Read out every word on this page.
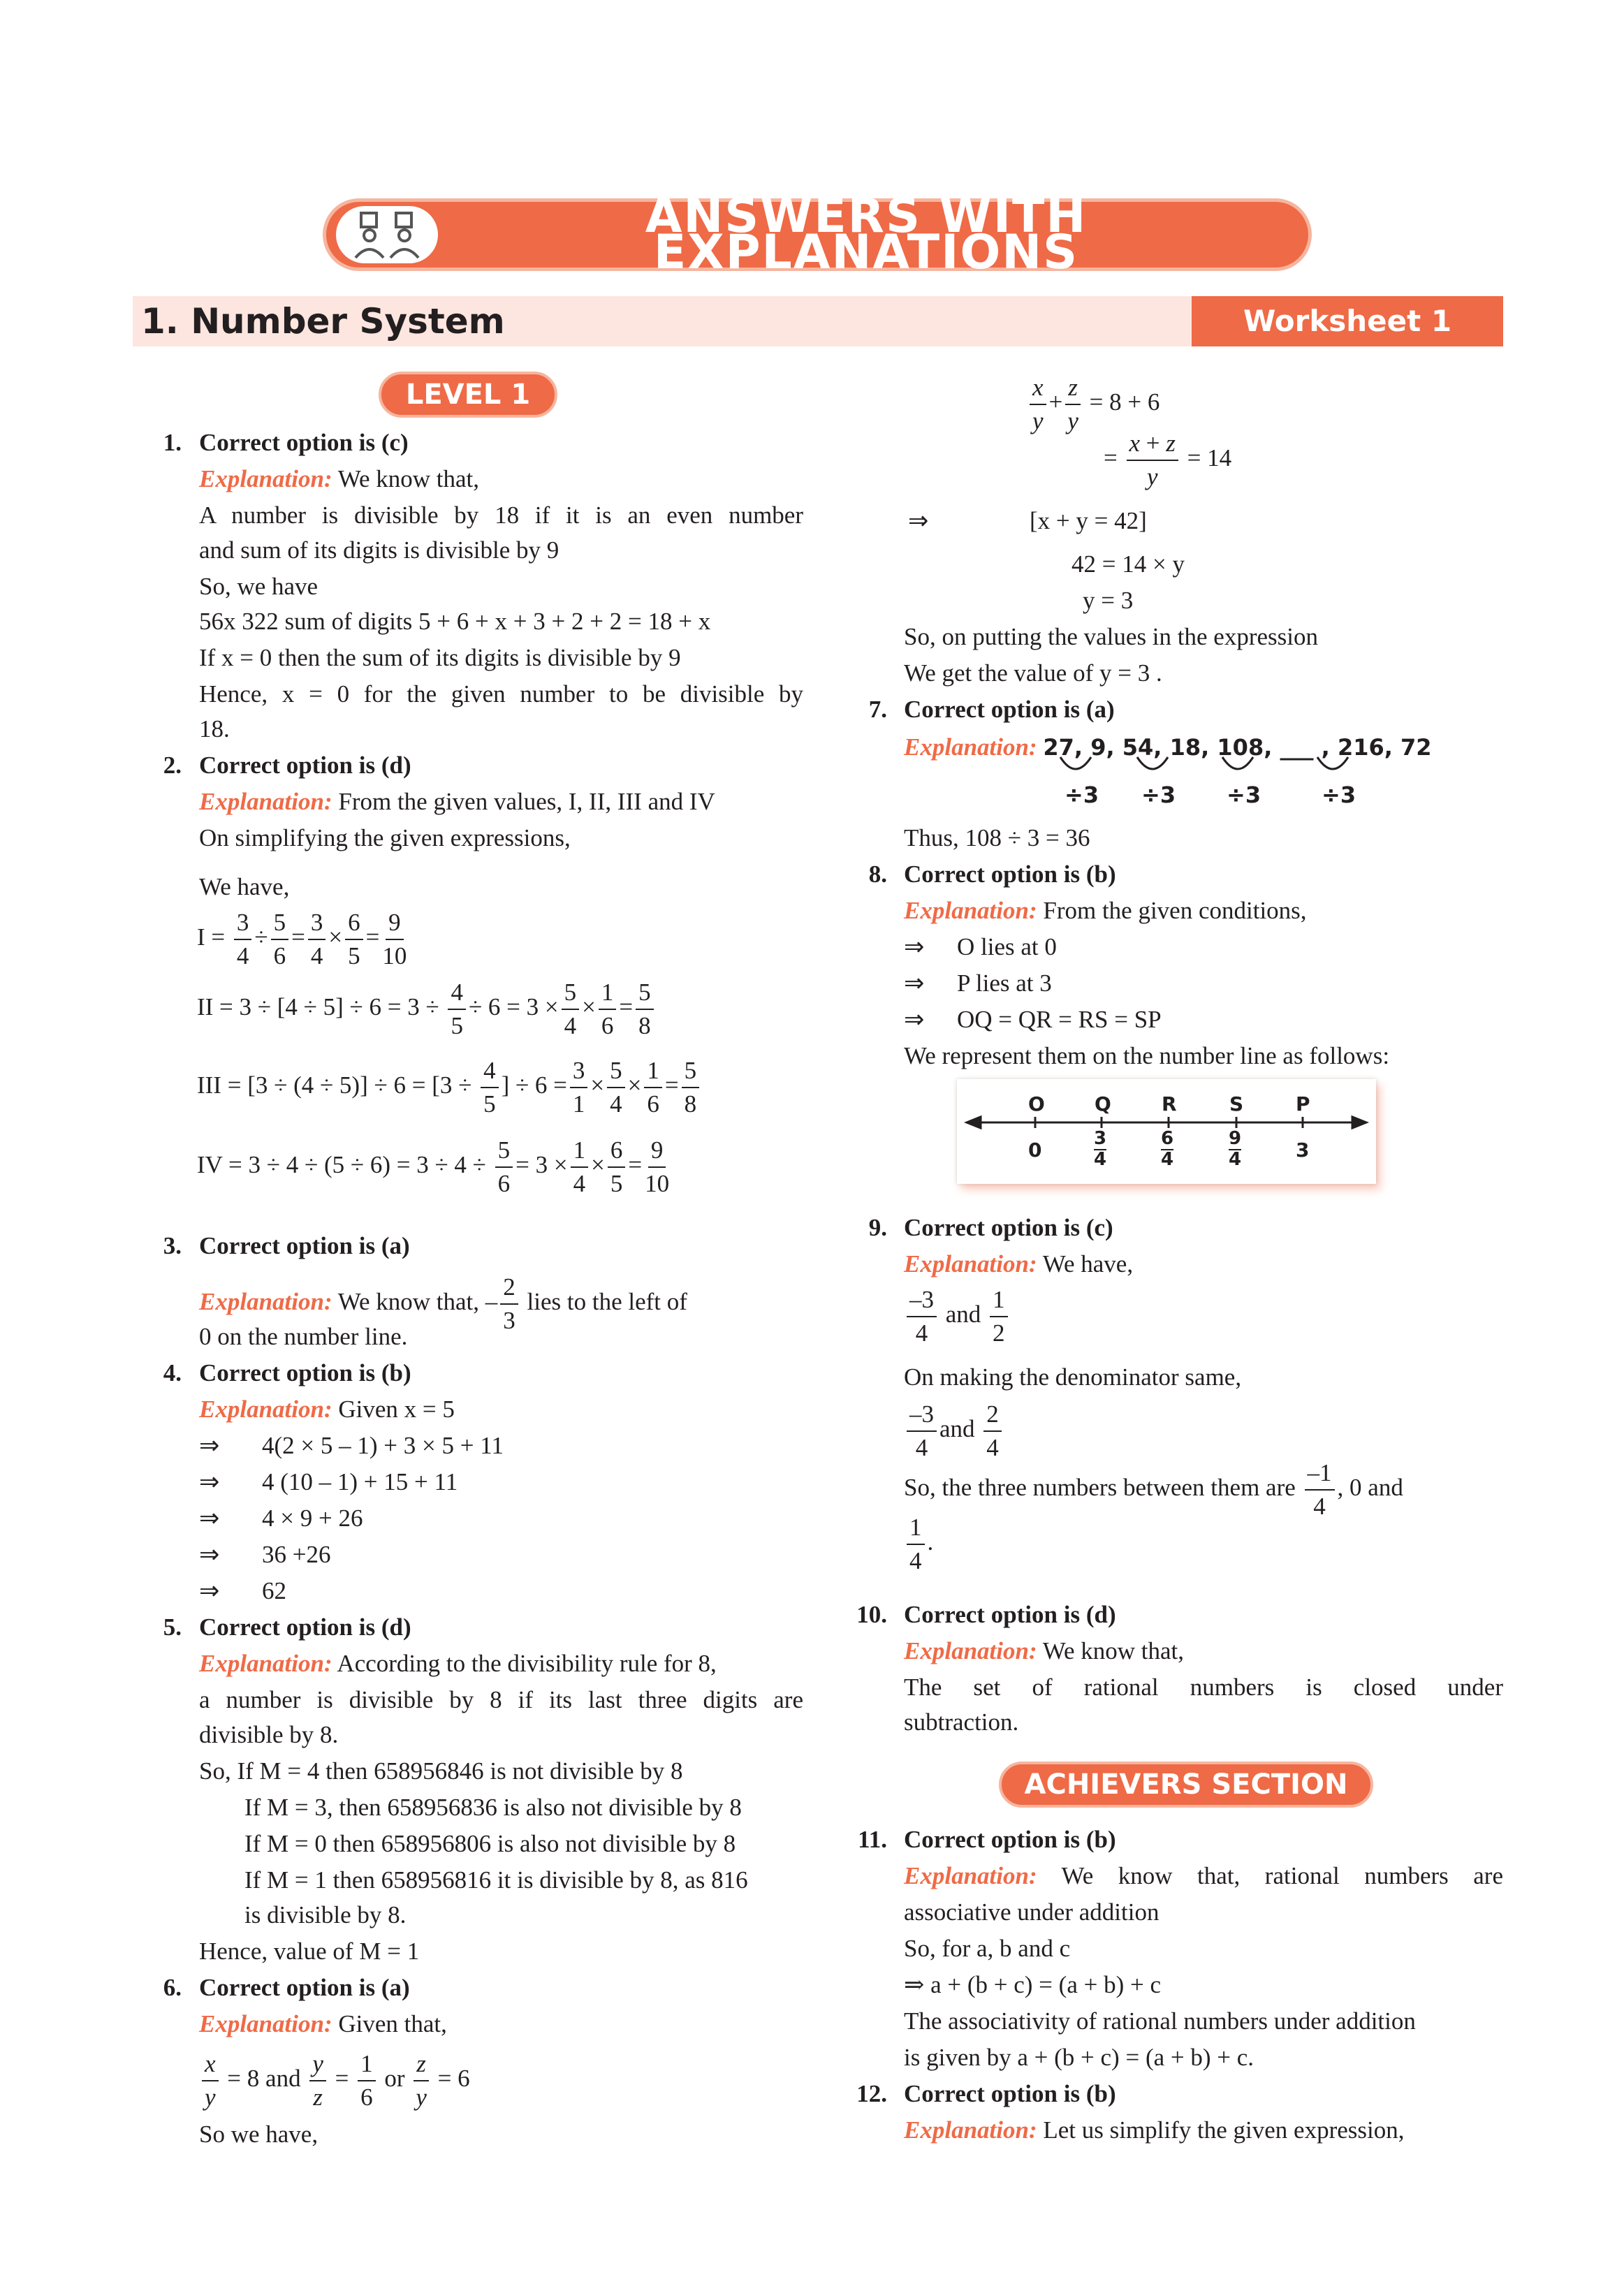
ANSWERS WITH EXPLANATIONS
1. Number System	Worksheet 1
LEVEL 1
1. Correct option is (c)
Explanation: We know that,
A number is divisible by 18 if it is an even number
and sum of its digits is divisible by 9
So, we have
56x 322 sum of digits 5 + 6 + x + 3 + 2 + 2 = 18 + x
If x = 0 then the sum of its digits is divisible by 9
Hence, x = 0 for the given number to be divisible by
18.
2. Correct option is (d)
Explanation: From the given values, I, II, III and IV
On simplifying the given expressions,
We have,
$I = \frac{3}{4} \div \frac{5}{6} = \frac{3}{4} \times \frac{6}{5} = \frac{9}{10}$
II = $3 \div [4 \div 5] \div 6 = 3 \div \frac{4}{5} \div 6 = 3 \times \frac{5}{4} \times \frac{1}{6} = \frac{5}{8}$
III = $[3 \div (4 \div 5)] \div 6 = [3 \div \frac{4}{5}$ ] ÷ $6 = \frac{3}{1} \times \frac{5}{4} \times \frac{1}{6} = \frac{5}{8}$
IV = $3 \div 4 \div (5 \div 6) = 3 \div 4 \div \frac{5}{6} = 3 \times \frac{1}{4} \times \frac{6}{5} = \frac{9}{10}$
3. Correct option is (a)
Explanation: We know that, – $\frac{2}{3}$ lies to the left of
0 on the number line.
4. Correct option is (b)
Explanation: Given x = 5
⇒ 4(2 × 5 – 1) + 3 × 5 + 11
⇒ 4 (10 – 1) + 15 + 11
⇒ 4 × 9 + 26
⇒ 36 +26
⇒ 62
5. Correct option is (d)
Explanation: According to the divisibility rule for 8,
a number is divisible by 8 if its last three digits are
divisible by 8.
So, If M = 4 then 658956846 is not divisible by 8
If M = 3, then 658956836 is also not divisible by 8
If M = 0 then 658956806 is also not divisible by 8
If M = 1 then 658956816 it is divisible by 8, as 816
is divisible by 8.
Hence, value of M = 1
6. Correct option is (a)
Explanation: Given that,
$\frac{x}{y} = 8$ and $\frac{y}{z} = \frac{1}{6}$ or $\frac{z}{y} = 6$
So we have,
$\frac{x}{y} + \frac{z}{y} = 8 + 6$
= $\frac{x + z}{y} = 14$
⇒	[x + y = 42]
42 = 14 × y
y = 3
So, on putting the values in the expression
We get the value of y = 3 .
7. Correct option is (a)
Explanation: 27, 9, 54, 18, 108, ___ , 216, 72
÷3 ÷3 ÷3	÷3
Thus, 108 ÷ 3 = 36
8. Correct option is (b)
Explanation: From the given conditions,
⇒ O lies at 0
⇒ P lies at 3
⇒ OQ = QR = RS = SP
We represent them on the number line as follows:
O	Q	R	S	P
0	3
4
6
4
9
4	3
9. Correct option is (c)
Explanation: We have,
$\frac{-3}{4}$ and $\frac{1}{2}$
On making the denominator same,
$\frac{-3}{4}$ and $\frac{2}{4}$
So, the three numbers between them are $\frac{-1}{4}$ , 0 and
$\frac{1}{4}$ .
10. Correct option is (d)
Explanation: We know that,
The set of rational numbers is closed under
subtraction.
ACHIEVERS SECTION
11. Correct option is (b)
Explanation: We know that, rational numbers are
associative under addition
So, for a, b and c
⇒ a + (b + c) = (a + b) + c
The associativity of rational numbers under addition
is given by a + (b + c) = (a + b) + c.
12. Correct option is (b)
Explanation: Let us simplify the given expression,
